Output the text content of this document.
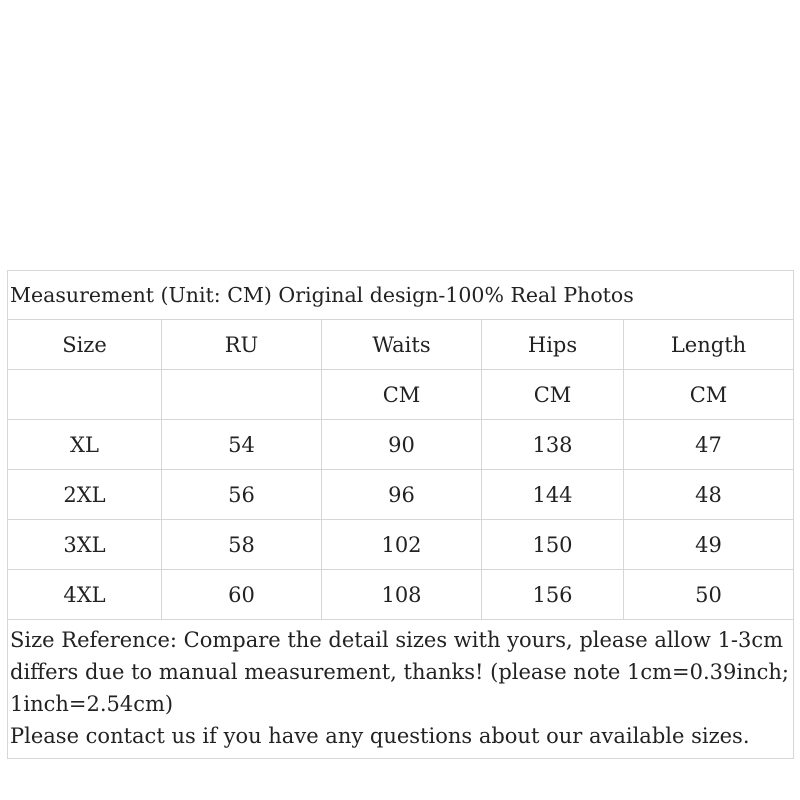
Measurement (Unit: CM) Original design-100% Real Photos				
Size	RU	Waits	Hips	Length
		CM	CM	CM
XL	54	90	138	47
2XL	56	96	144	48
3XL	58	102	150	49
4XL	60	108	156	50

Size Reference: Compare the detail sizes with yours, please allow 1-3cm differs due to manual measurement, thanks! (please note 1cm=0.39inch; 1inch=2.54cm)
Please contact us if you have any questions about our available sizes.				
